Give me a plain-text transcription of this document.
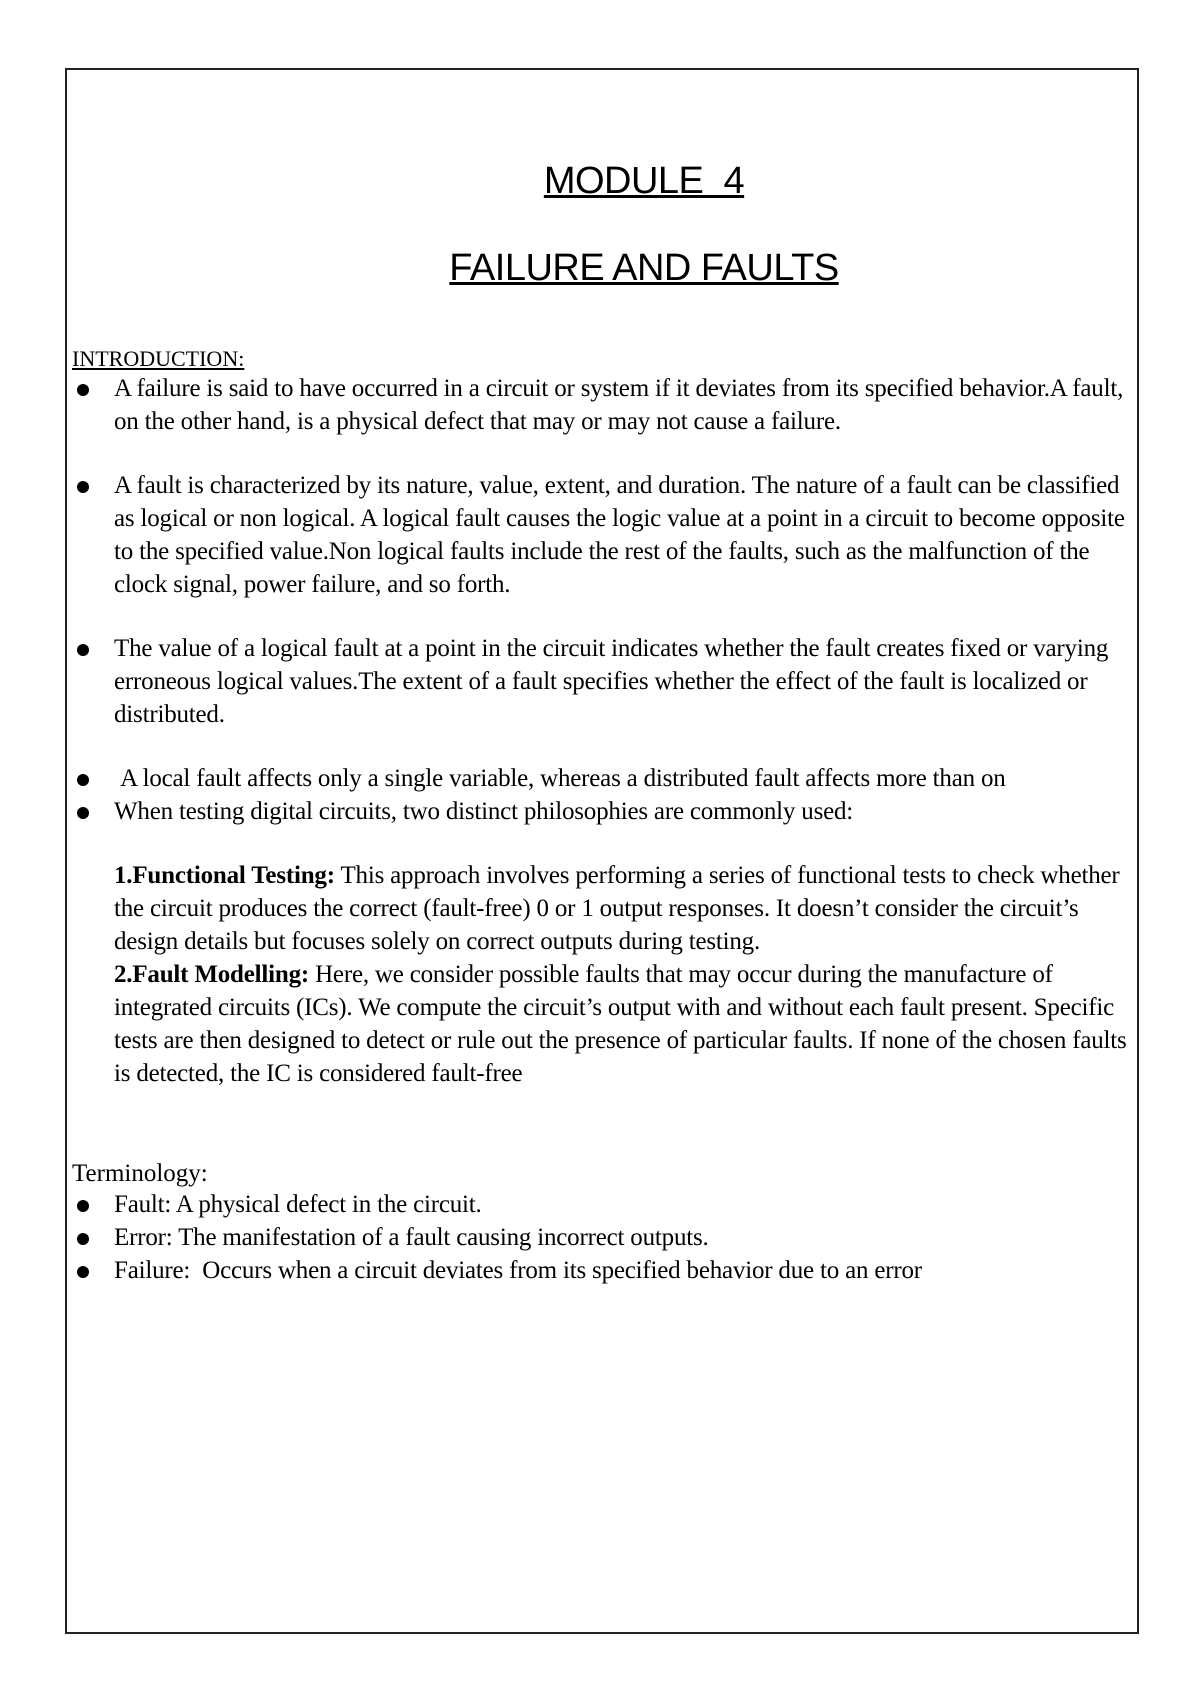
MODULE  4
FAILURE AND FAULTS
INTRODUCTION:
A failure is said to have occurred in a circuit or system if it deviates from its specified behavior.A fault, on the other hand, is a physical defect that may or may not cause a failure.
A fault is characterized by its nature, value, extent, and duration. The nature of a fault can be classified as logical or non logical. A logical fault causes the logic value at a point in a circuit to become opposite to the specified value.Non logical faults include the rest of the faults, such as the malfunction of the clock signal, power failure, and so forth.
The value of a logical fault at a point in the circuit indicates whether the fault creates fixed or varying erroneous logical values.The extent of a fault specifies whether the effect of the fault is localized or distributed.
A local fault affects only a single variable, whereas a distributed fault affects more than on
When testing digital circuits, two distinct philosophies are commonly used:
1.Functional Testing: This approach involves performing a series of functional tests to check whether the circuit produces the correct (fault-free) 0 or 1 output responses. It doesn’t consider the circuit’s design details but focuses solely on correct outputs during testing.
2.Fault Modelling: Here, we consider possible faults that may occur during the manufacture of integrated circuits (ICs). We compute the circuit’s output with and without each fault present. Specific tests are then designed to detect or rule out the presence of particular faults. If none of the chosen faults is detected, the IC is considered fault-free
Terminology:
Fault: A physical defect in the circuit.
Error: The manifestation of a fault causing incorrect outputs.
Failure:  Occurs when a circuit deviates from its specified behavior due to an error
